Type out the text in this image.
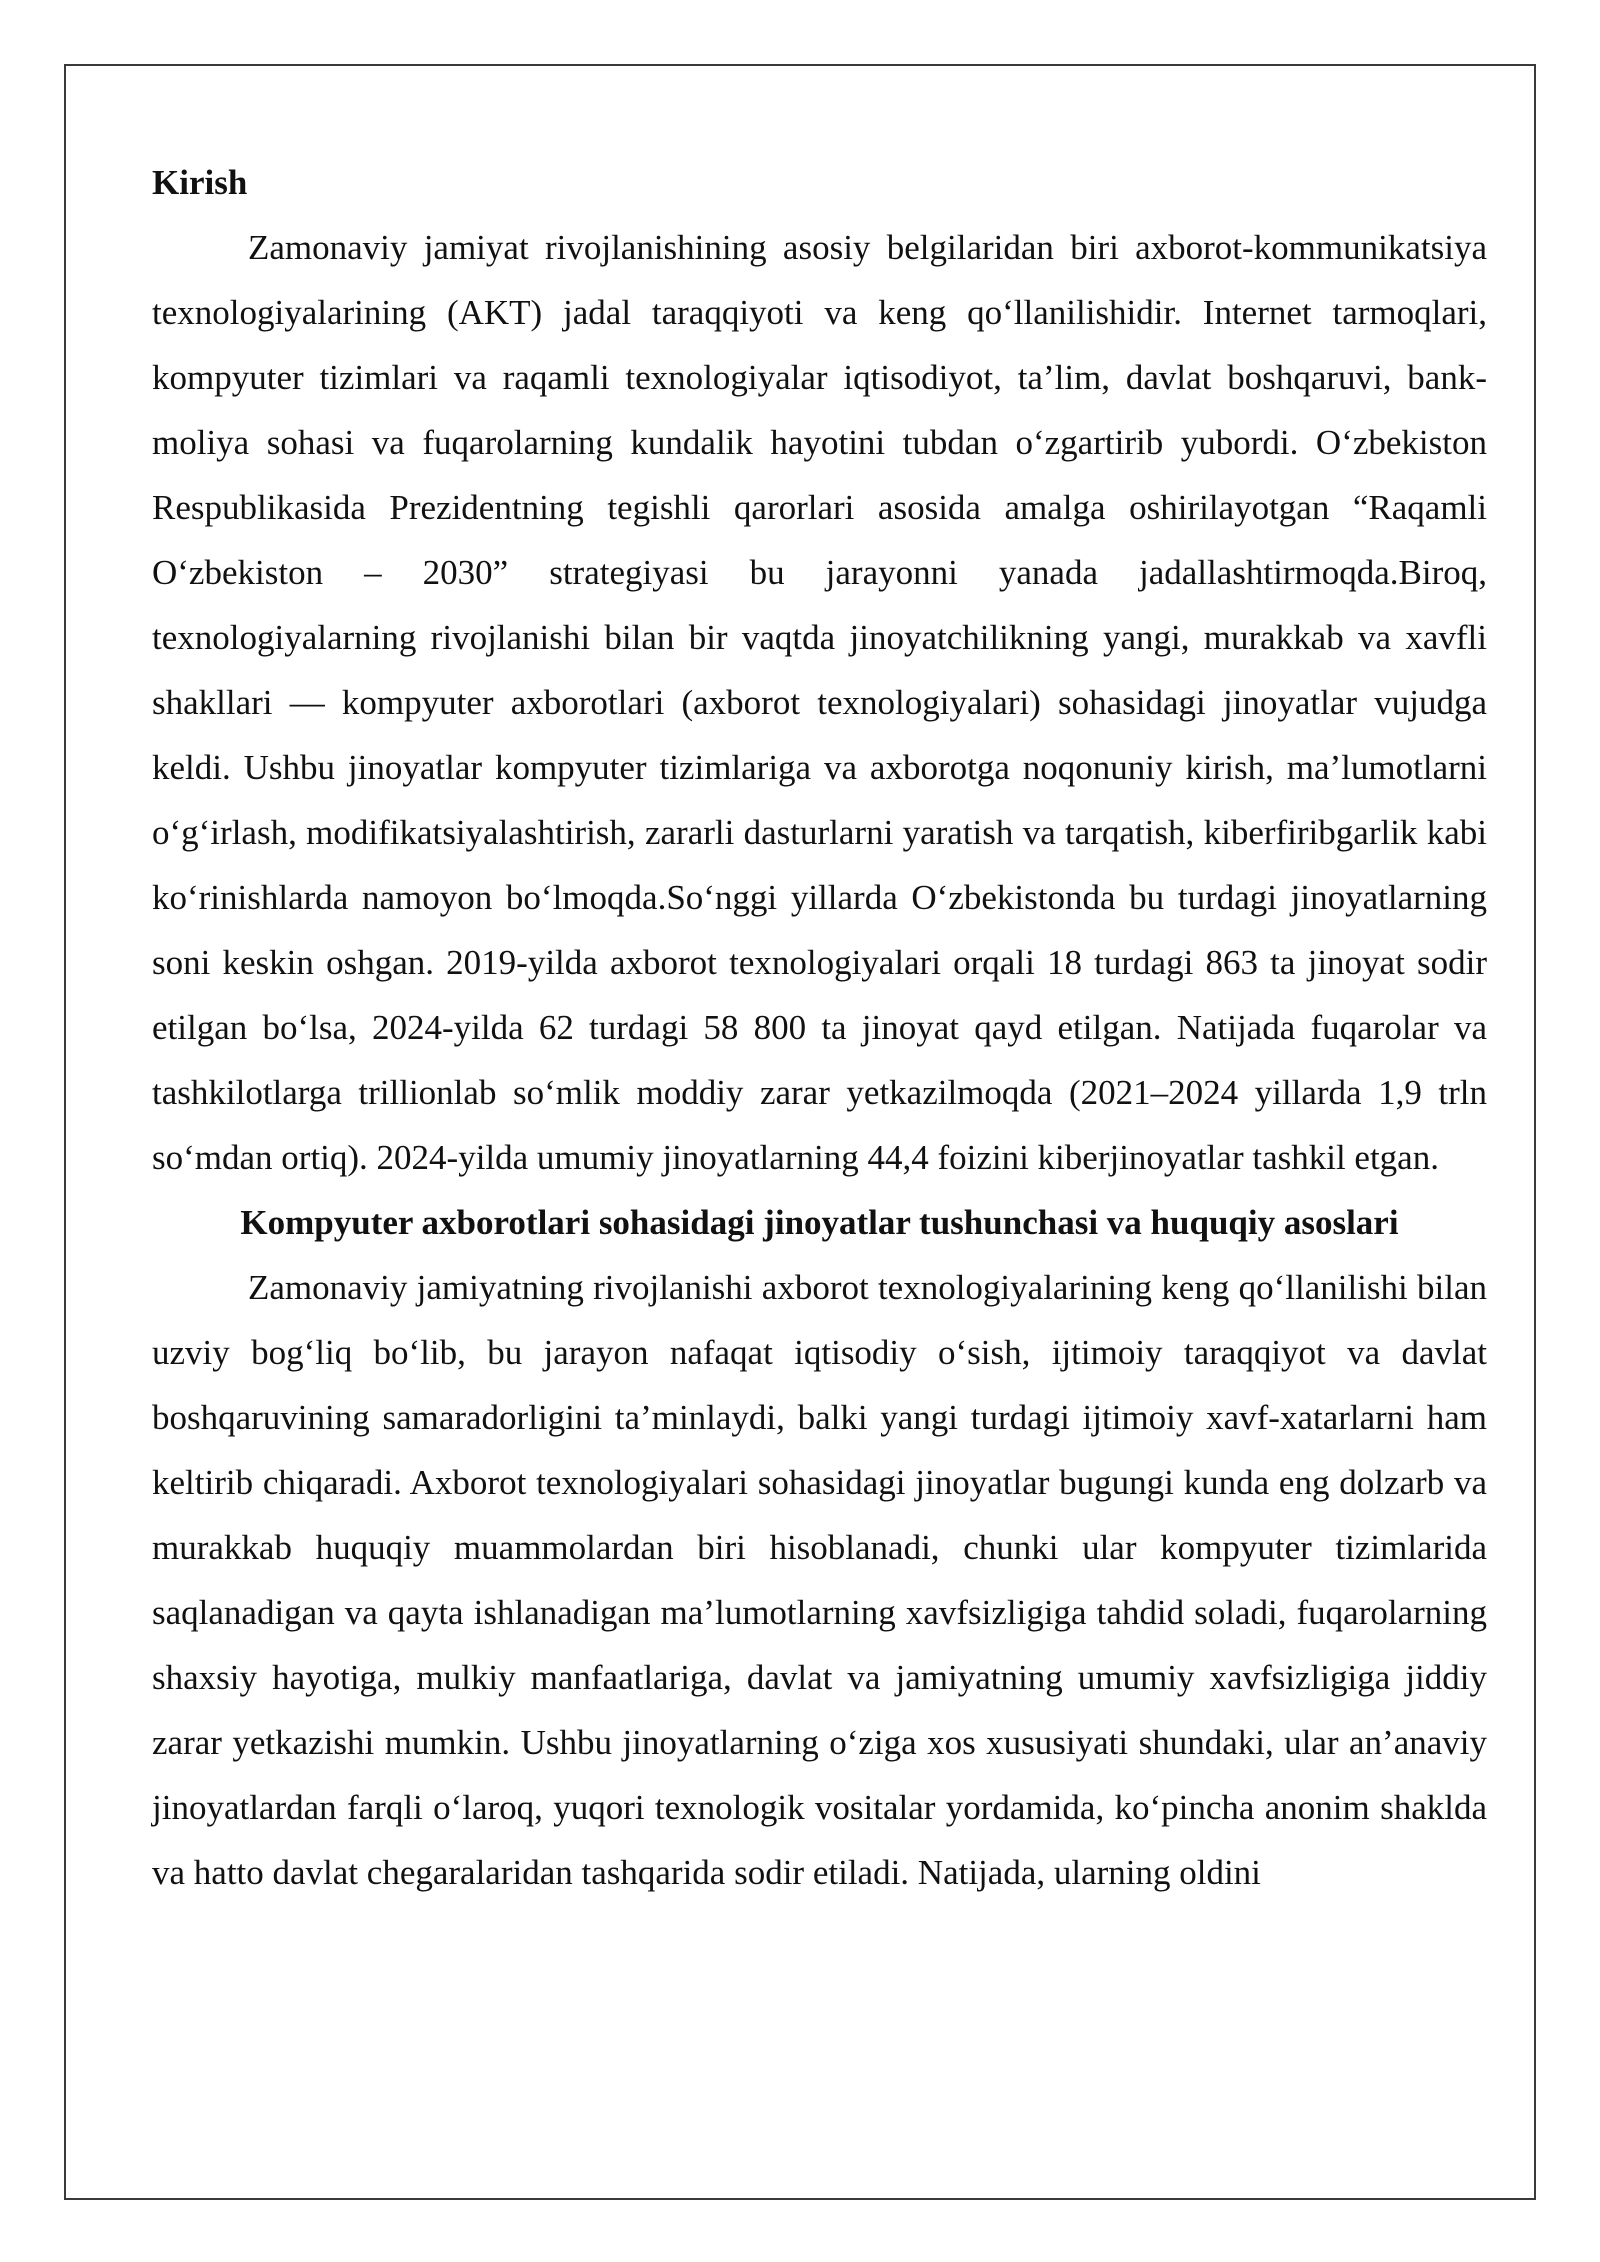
Kirish

Zamonaviy jamiyat rivojlanishining asosiy belgilaridan biri axborot-kommunikatsiya texnologiyalarining (AKT) jadal taraqqiyoti va keng qo‘llanilishidir. Internet tarmoqlari, kompyuter tizimlari va raqamli texnologiyalar iqtisodiyot, ta’lim, davlat boshqaruvi, bank-moliya sohasi va fuqarolarning kundalik hayotini tubdan o‘zgartirib yubordi. O‘zbekiston Respublikasida Prezidentning tegishli qarorlari asosida amalga oshirilayotgan “Raqamli O‘zbekiston – 2030” strategiyasi bu jarayonni yanada jadallashtirmoqda.Biroq, texnologiyalarning rivojlanishi bilan bir vaqtda jinoyatchilikning yangi, murakkab va xavfli shakllari — kompyuter axborotlari (axborot texnologiyalari) sohasidagi jinoyatlar vujudga keldi. Ushbu jinoyatlar kompyuter tizimlariga va axborotga noqonuniy kirish, ma’lumotlarni o‘g‘irlash, modifikatsiyalashtirish, zararli dasturlarni yaratish va tarqatish, kiberfiribgarlik kabi ko‘rinishlarda namoyon bo‘lmoqda.So‘nggi yillarda O‘zbekistonda bu turdagi jinoyatlarning soni keskin oshgan. 2019-yilda axborot texnologiyalari orqali 18 turdagi 863 ta jinoyat sodir etilgan bo‘lsa, 2024-yilda 62 turdagi 58 800 ta jinoyat qayd etilgan. Natijada fuqarolar va tashkilotlarga trillionlab so‘mlik moddiy zarar yetkazilmoqda (2021–2024 yillarda 1,9 trln so‘mdan ortiq). 2024-yilda umumiy jinoyatlarning 44,4 foizini kiberjinoyatlar tashkil etgan.

Kompyuter axborotlari sohasidagi jinoyatlar tushunchasi va huquqiy asoslari

Zamonaviy jamiyatning rivojlanishi axborot texnologiyalarining keng qo‘llanilishi bilan uzviy bog‘liq bo‘lib, bu jarayon nafaqat iqtisodiy o‘sish, ijtimoiy taraqqiyot va davlat boshqaruvining samaradorligini ta’minlaydi, balki yangi turdagi ijtimoiy xavf-xatarlarni ham keltirib chiqaradi. Axborot texnologiyalari sohasidagi jinoyatlar bugungi kunda eng dolzarb va murakkab huquqiy muammolardan biri hisoblanadi, chunki ular kompyuter tizimlarida saqlanadigan va qayta ishlanadigan ma’lumotlarning xavfsizligiga tahdid soladi, fuqarolarning shaxsiy hayotiga, mulkiy manfaatlariga, davlat va jamiyatning umumiy xavfsizligiga jiddiy zarar yetkazishi mumkin. Ushbu jinoyatlarning o‘ziga xos xususiyati shundaki, ular an’anaviy jinoyatlardan farqli o‘laroq, yuqori texnologik vositalar yordamida, ko‘pincha anonim shaklda va hatto davlat chegaralaridan tashqarida sodir etiladi. Natijada, ularning oldini
